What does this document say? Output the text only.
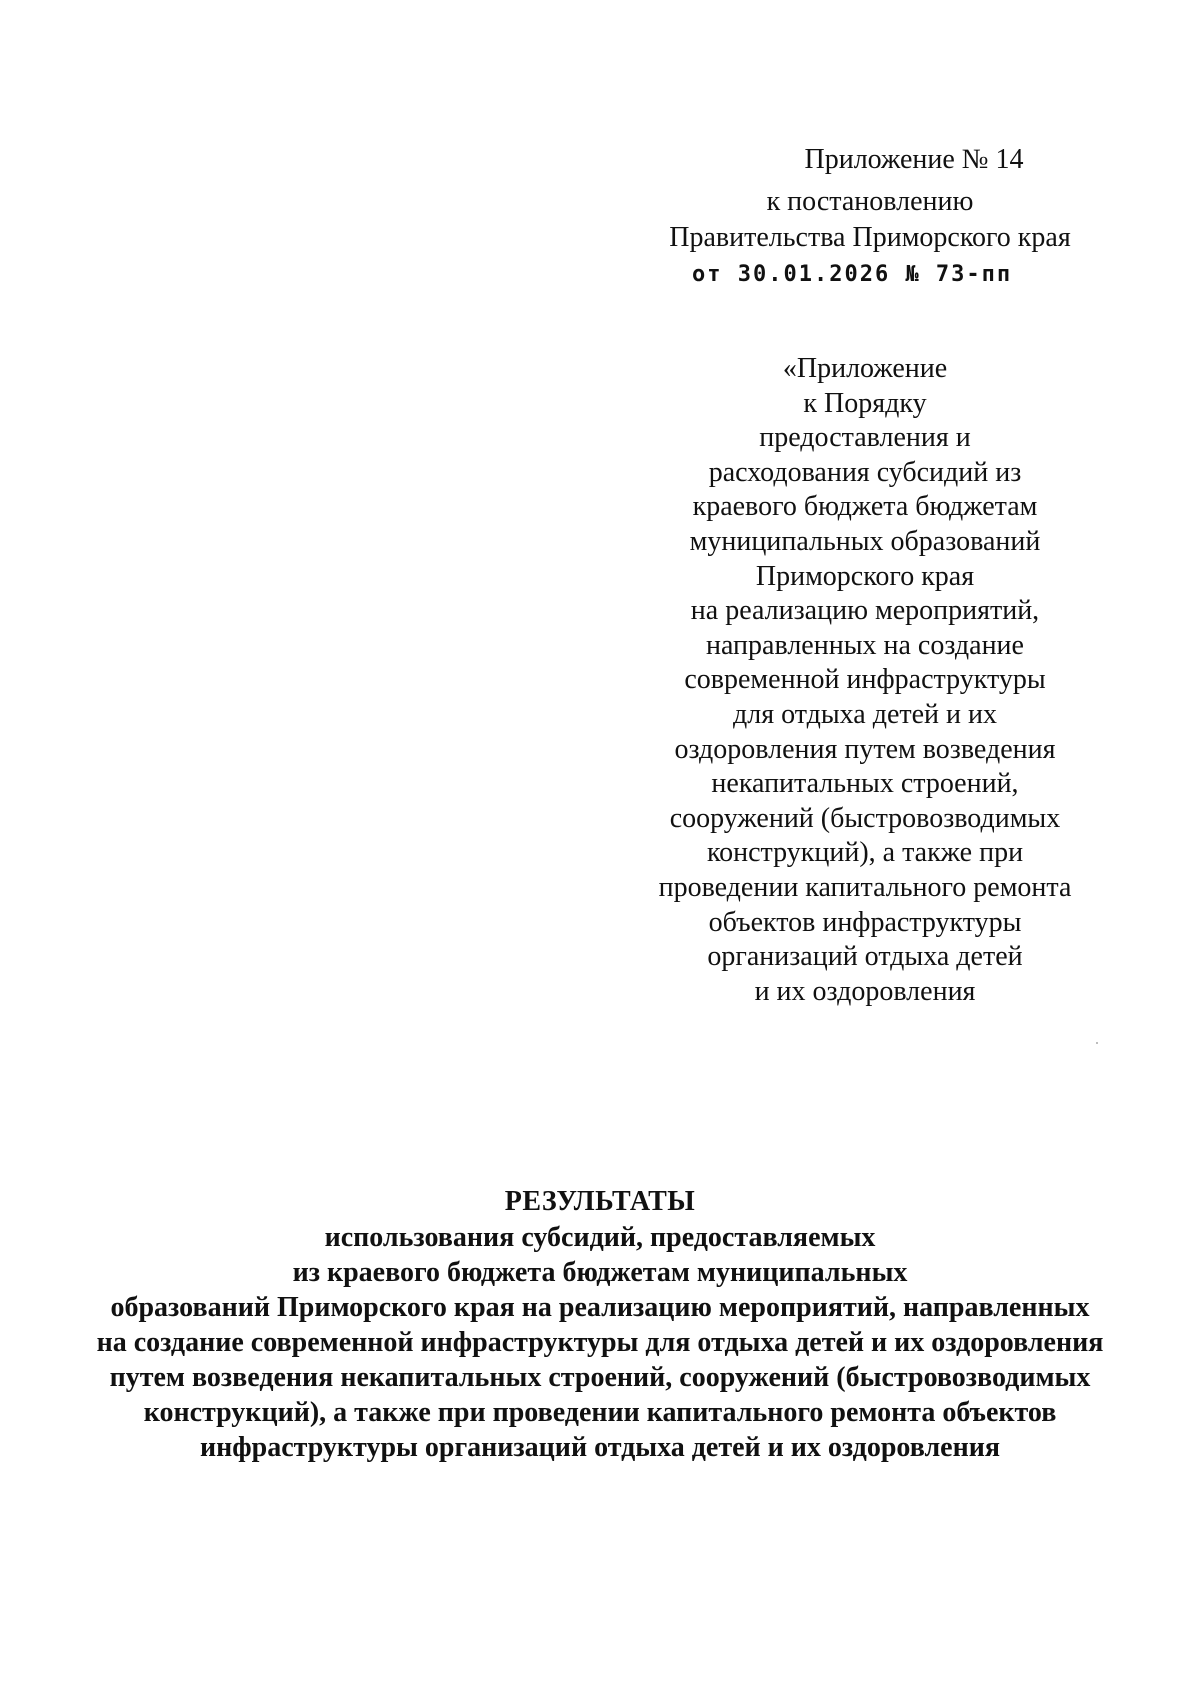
Приложение № 14
к постановлению
Правительства Приморского края
от 30.01.2026 № 73-пп
«Приложение
к Порядку
предоставления и
расходования субсидий из
краевого бюджета бюджетам
муниципальных образований
Приморского края
на реализацию мероприятий,
направленных на создание
современной инфраструктуры
для отдыха детей и их
оздоровления путем возведения
некапитальных строений,
сооружений (быстровозводимых
конструкций), а также при
проведении капитального ремонта
объектов инфраструктуры
организаций отдыха детей
и их оздоровления
РЕЗУЛЬТАТЫ
использования субсидий, предоставляемых
из краевого бюджета бюджетам муниципальных
образований Приморского края на реализацию мероприятий, направленных
на создание современной инфраструктуры для отдыха детей и их оздоровления
путем возведения некапитальных строений, сооружений (быстровозводимых
конструкций), а также при проведении капитального ремонта объектов
инфраструктуры организаций отдыха детей и их оздоровления
